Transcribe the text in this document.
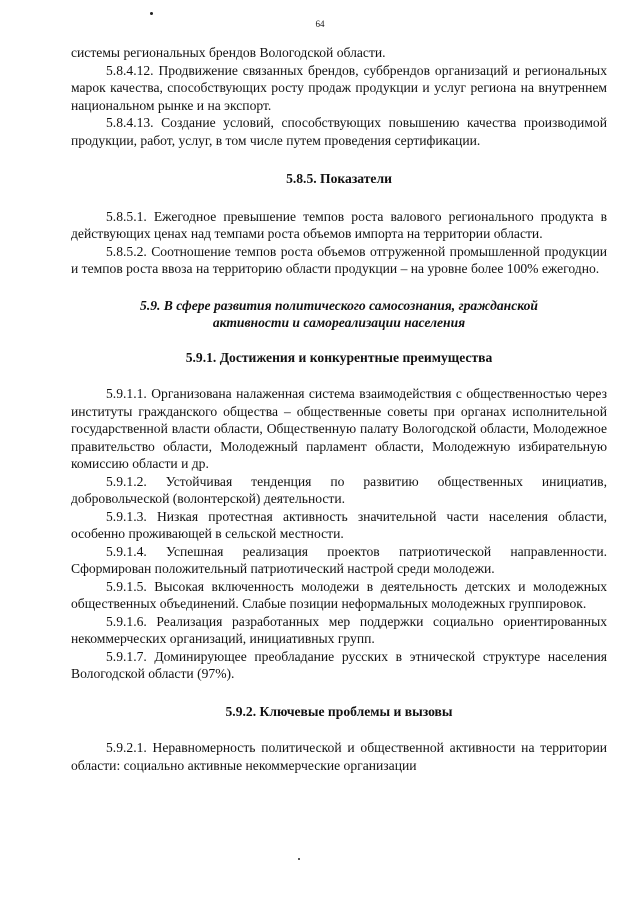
64

системы региональных брендов Вологодской области.

5.8.4.12. Продвижение связанных брендов, суббрендов организаций и региональных марок качества, способствующих росту продаж продукции и услуг региона на внутреннем национальном рынке и на экспорт.

5.8.4.13. Создание условий, способствующих повышению качества производимой продукции, работ, услуг, в том числе путем проведения сертификации.

5.8.5. Показатели

5.8.5.1. Ежегодное превышение темпов роста валового регионального продукта в действующих ценах над темпами роста объемов импорта на территории области.

5.8.5.2. Соотношение темпов роста объемов отгруженной промышленной продукции и темпов роста ввоза на территорию области продукции – на уровне более 100% ежегодно.

5.9. В сфере развития политического самосознания, гражданской активности и самореализации населения
5.9.1. Достижения и конкурентные преимущества

5.9.1.1. Организована налаженная система взаимодействия с общественностью через институты гражданского общества – общественные советы при органах исполнительной государственной власти области, Общественную палату Вологодской области, Молодежное правительство области, Молодежный парламент области, Молодежную избирательную комиссию области и др.

5.9.1.2. Устойчивая тенденция по развитию общественных инициатив, добровольческой (волонтерской) деятельности.

5.9.1.3. Низкая протестная активность значительной части населения области, особенно проживающей в сельской местности.

5.9.1.4. Успешная реализация проектов патриотической направленности. Сформирован положительный патриотический настрой среди молодежи.

5.9.1.5. Высокая включенность молодежи в деятельность детских и молодежных общественных объединений. Слабые позиции неформальных молодежных группировок.

5.9.1.6. Реализация разработанных мер поддержки социально ориентированных некоммерческих организаций, инициативных групп.

5.9.1.7. Доминирующее преобладание русских в этнической структуре населения Вологодской области (97%).

5.9.2. Ключевые проблемы и вызовы

5.9.2.1. Неравномерность политической и общественной активности на территории области: социально активные некоммерческие организации
